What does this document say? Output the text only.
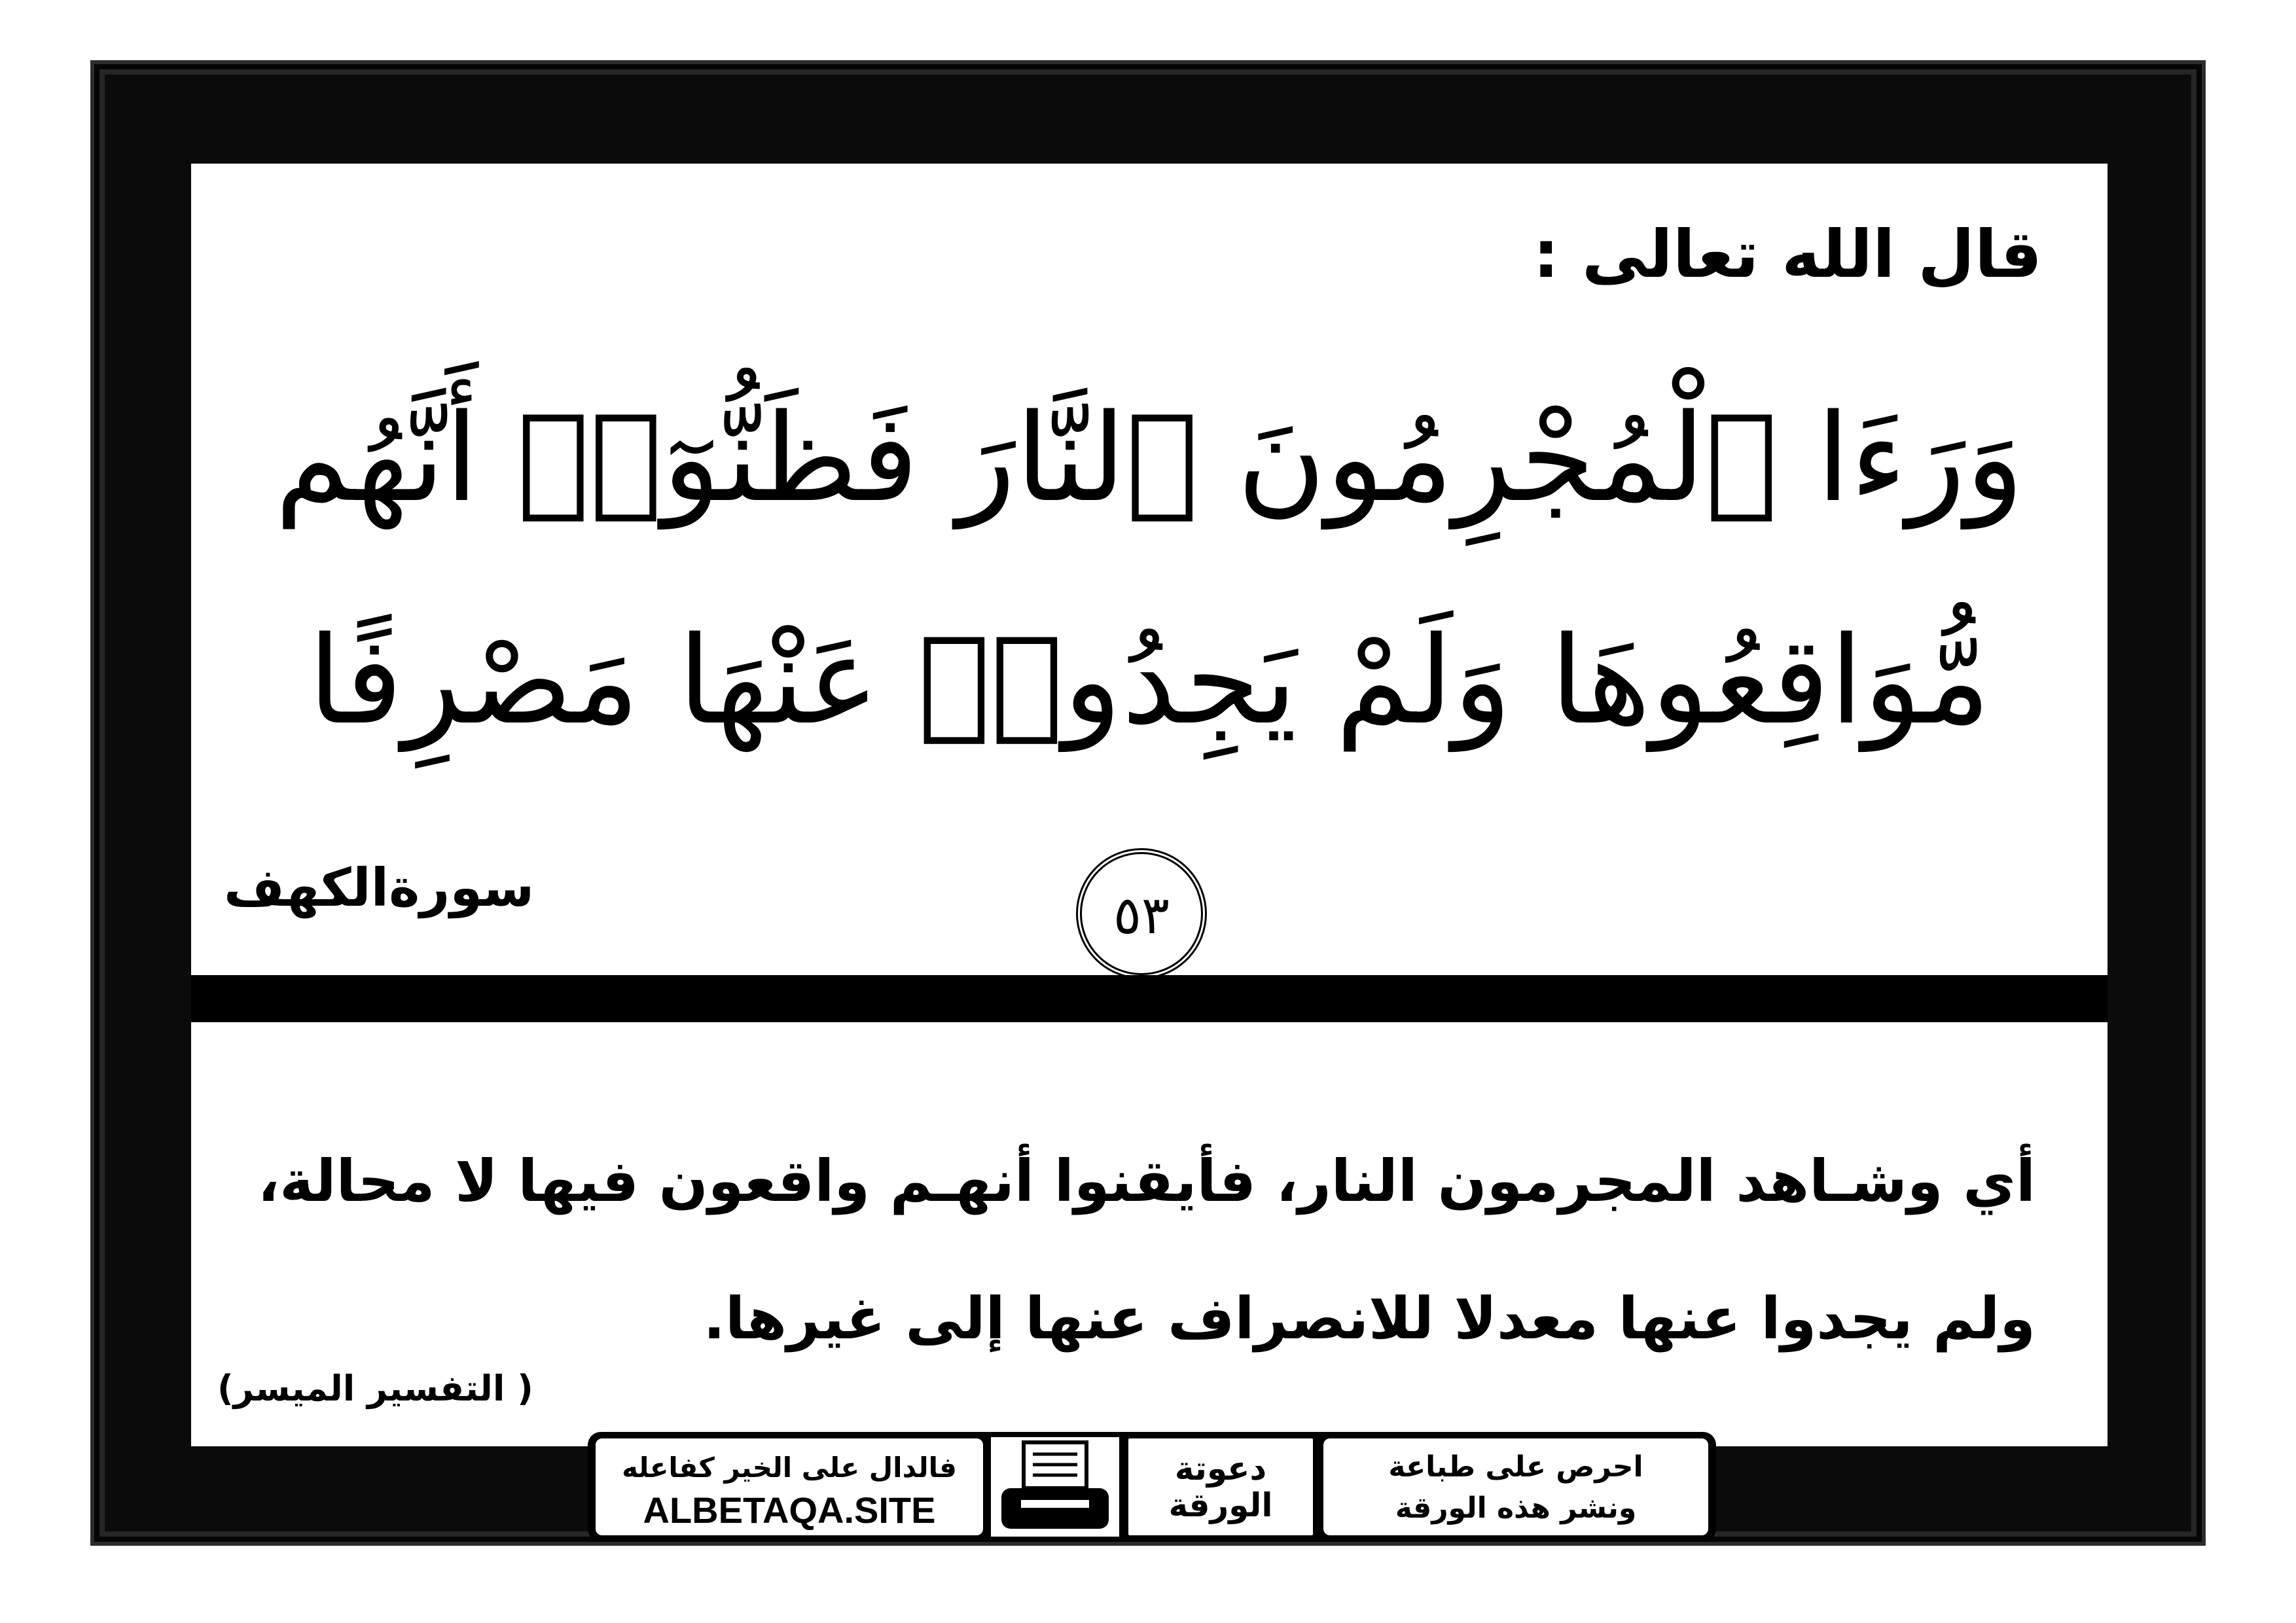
قال الله تعالى :
وَرَءَا ٱلْمُجْرِمُونَ ٱلنَّارَ فَظَنُّوٓا۟ أَنَّهُم
مُّوَاقِعُوهَا وَلَمْ يَجِدُوا۟ عَنْهَا مَصْرِفًا ٥٣
سورةالكهف
أي وشـاهد المجرمون النار، فأيقنوا أنهـم واقعون فيها لا محالة،
ولم يجدوا عنها معدلا للانصراف عنها إلى غيرها.
( التفسير الميسر)
فالدال على الخير كفاعله
ALBETAQA.SITE
دعوتة الورقة
احرص على طباعة
ونشر هذه الورقة
